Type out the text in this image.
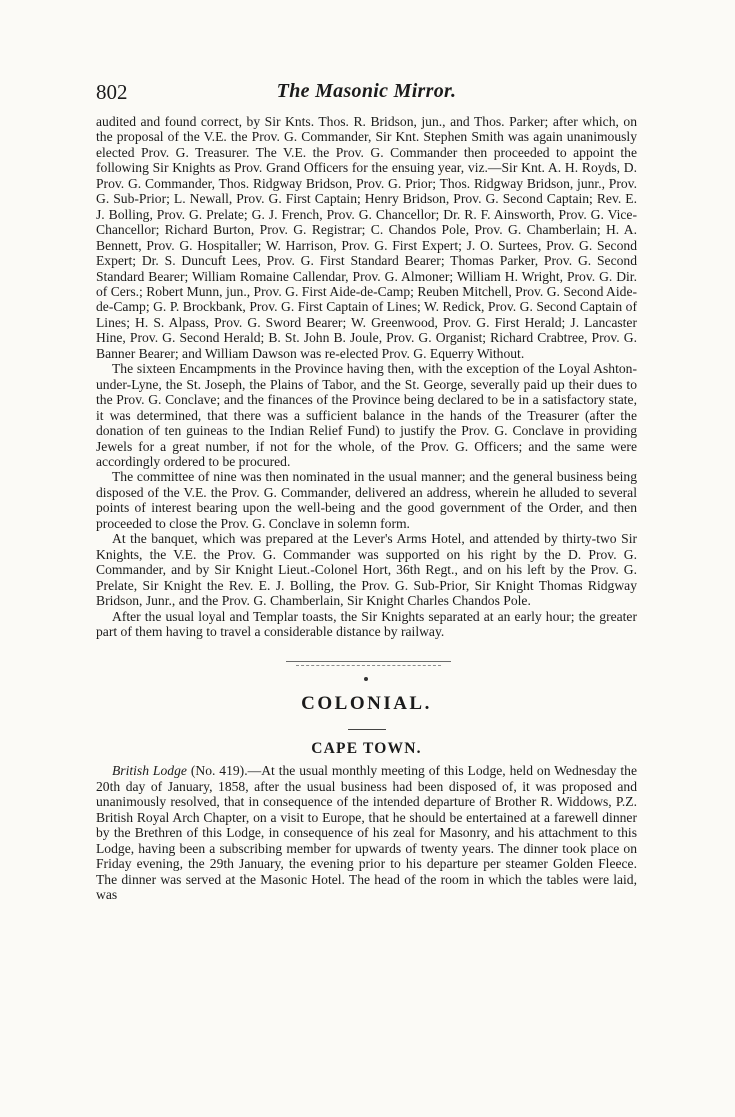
802	The Masonic Mirror.

audited and found correct, by Sir Knts. Thos. R. Bridson, jun., and Thos. Parker; after which, on the proposal of the V.E. the Prov. G. Commander, Sir Knt. Stephen Smith was again unanimously elected Prov. G. Treasurer. The V.E. the Prov. G. Commander then proceeded to appoint the following Sir Knights as Prov. Grand Officers for the ensuing year, viz.—Sir Knt. A. H. Royds, D. Prov. G. Commander, Thos. Ridgway Bridson, Prov. G. Prior; Thos. Ridgway Bridson, junr., Prov. G. Sub-Prior; L. Newall, Prov. G. First Captain; Henry Bridson, Prov. G. Second Captain; Rev. E. J. Bolling, Prov. G. Prelate; G. J. French, Prov. G. Chancellor; Dr. R. F. Ainsworth, Prov. G. Vice-Chancellor; Richard Burton, Prov. G. Registrar; C. Chandos Pole, Prov. G. Chamberlain; H. A. Bennett, Prov. G. Hospitaller; W. Harrison, Prov. G. First Expert; J. O. Surtees, Prov. G. Second Expert; Dr. S. Duncuft Lees, Prov. G. First Standard Bearer; Thomas Parker, Prov. G. Second Standard Bearer; William Romaine Callendar, Prov. G. Almoner; William H. Wright, Prov. G. Dir. of Cers.; Robert Munn, jun., Prov. G. First Aide-de-Camp; Reuben Mitchell, Prov. G. Second Aide-de-Camp; G. P. Brockbank, Prov. G. First Captain of Lines; W. Redick, Prov. G. Second Captain of Lines; H. S. Alpass, Prov. G. Sword Bearer; W. Greenwood, Prov. G. First Herald; J. Lancaster Hine, Prov. G. Second Herald; B. St. John B. Joule, Prov. G. Organist; Richard Crabtree, Prov. G. Banner Bearer; and William Dawson was re-elected Prov. G. Equerry Without.

The sixteen Encampments in the Province having then, with the exception of the Loyal Ashton-under-Lyne, the St. Joseph, the Plains of Tabor, and the St. George, severally paid up their dues to the Prov. G. Conclave; and the finances of the Province being declared to be in a satisfactory state, it was determined, that there was a sufficient balance in the hands of the Treasurer (after the donation of ten guineas to the Indian Relief Fund) to justify the Prov. G. Conclave in providing Jewels for a great number, if not for the whole, of the Prov. G. Officers; and the same were accordingly ordered to be procured.

The committee of nine was then nominated in the usual manner; and the general business being disposed of the V.E. the Prov. G. Commander, delivered an address, wherein he alluded to several points of interest bearing upon the well-being and the good government of the Order, and then proceeded to close the Prov. G. Conclave in solemn form.

At the banquet, which was prepared at the Lever's Arms Hotel, and attended by thirty-two Sir Knights, the V.E. the Prov. G. Commander was supported on his right by the D. Prov. G. Commander, and by Sir Knight Lieut.-Colonel Hort, 36th Regt., and on his left by the Prov. G. Prelate, Sir Knight the Rev. E. J. Bolling, the Prov. G. Sub-Prior, Sir Knight Thomas Ridgway Bridson, Junr., and the Prov. G. Chamberlain, Sir Knight Charles Chandos Pole.

After the usual loyal and Templar toasts, the Sir Knights separated at an early hour; the greater part of them having to travel a considerable distance by railway.

COLONIAL.
CAPE TOWN.

British Lodge (No. 419).—At the usual monthly meeting of this Lodge, held on Wednesday the 20th day of January, 1858, after the usual business had been disposed of, it was proposed and unanimously resolved, that in consequence of the intended departure of Brother R. Widdows, P.Z. British Royal Arch Chapter, on a visit to Europe, that he should be entertained at a farewell dinner by the Brethren of this Lodge, in consequence of his zeal for Masonry, and his attachment to this Lodge, having been a subscribing member for upwards of twenty years. The dinner took place on Friday evening, the 29th January, the evening prior to his departure per steamer Golden Fleece. The dinner was served at the Masonic Hotel. The head of the room in which the tables were laid, was
